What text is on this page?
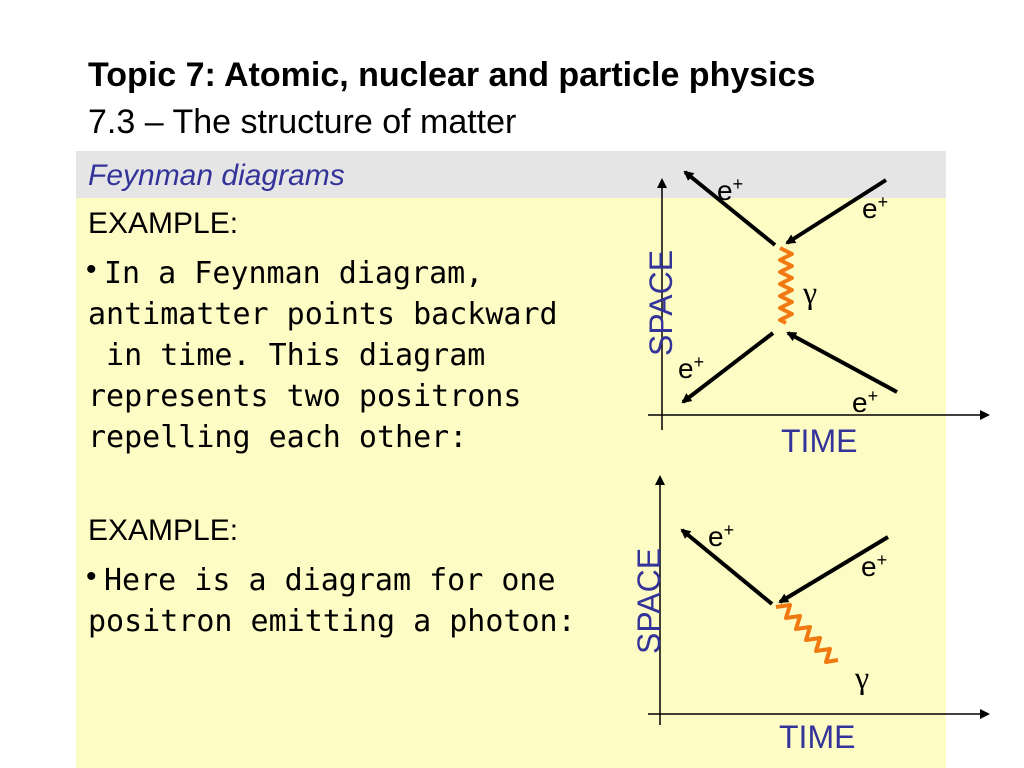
Topic 7: Atomic, nuclear and particle physics
7.3 – The structure of matter
Feynman diagrams
EXAMPLE:
• In a Feynman diagram,
antimatter points backward
in time. This diagram
represents two positrons
repelling each other:
EXAMPLE:
• Here is a diagram for one
positron emitting a photon:
SPACE
TIME
e+
e+
e+
e+
γ
SPACE
TIME
e+
e+
γ
